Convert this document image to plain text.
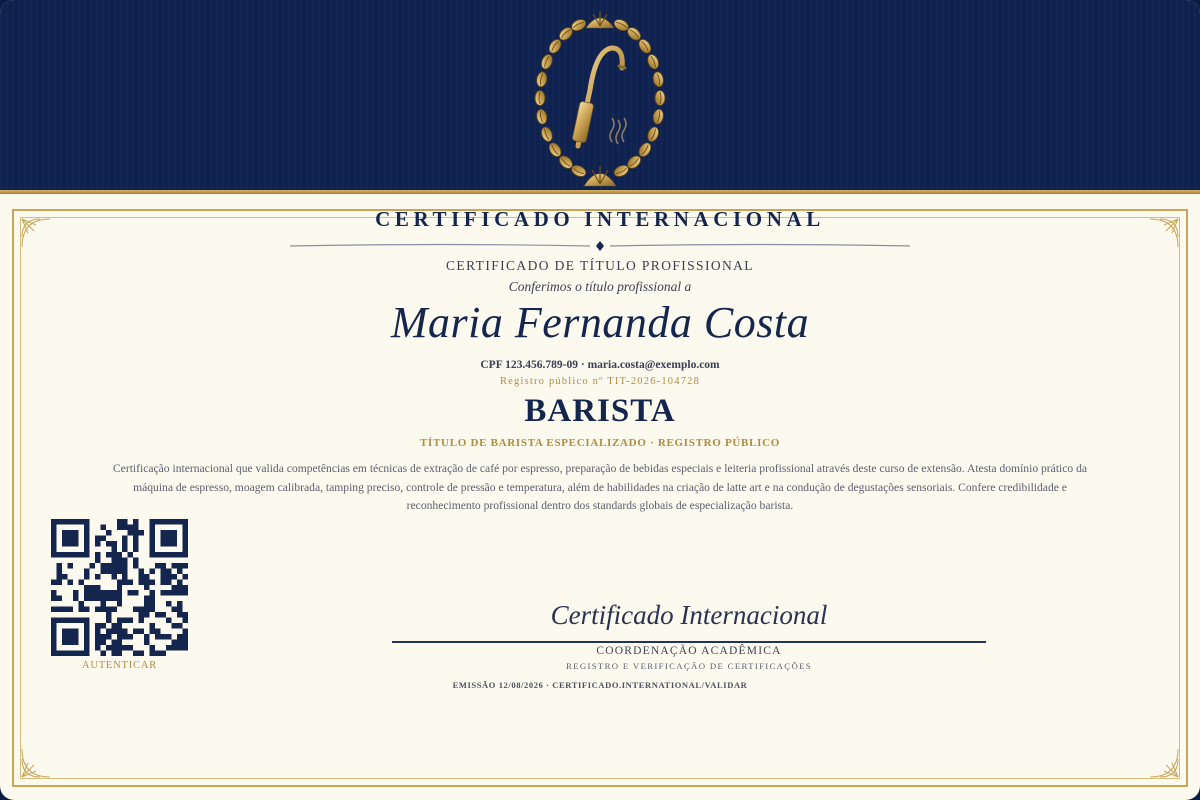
CERTIFICADO INTERNACIONAL
CERTIFICADO DE TÍTULO PROFISSIONAL
Conferimos o título profissional a
Maria Fernanda Costa
CPF 123.456.789-09 · maria.costa@exemplo.com
Registro público nº TIT-2026-104728
BARISTA
TÍTULO DE BARISTA ESPECIALIZADO · REGISTRO PÚBLICO
Certificação internacional que valida competências em técnicas de extração de café por espresso, preparação de bebidas especiais e leiteria profissional através deste curso de extensão. Atesta domínio prático da máquina de espresso, moagem calibrada, tamping preciso, controle de pressão e temperatura, além de habilidades na criação de latte art e na condução de degustações sensoriais. Confere credibilidade e reconhecimento profissional dentro dos standards globais de especialização barista.
AUTENTICAR
Certificado Internacional
COORDENAÇÃO ACADÊMICA
REGISTRO E VERIFICAÇÃO DE CERTIFICAÇÕES
EMISSÃO 12/08/2026 · CERTIFICADO.INTERNATIONAL/VALIDAR
